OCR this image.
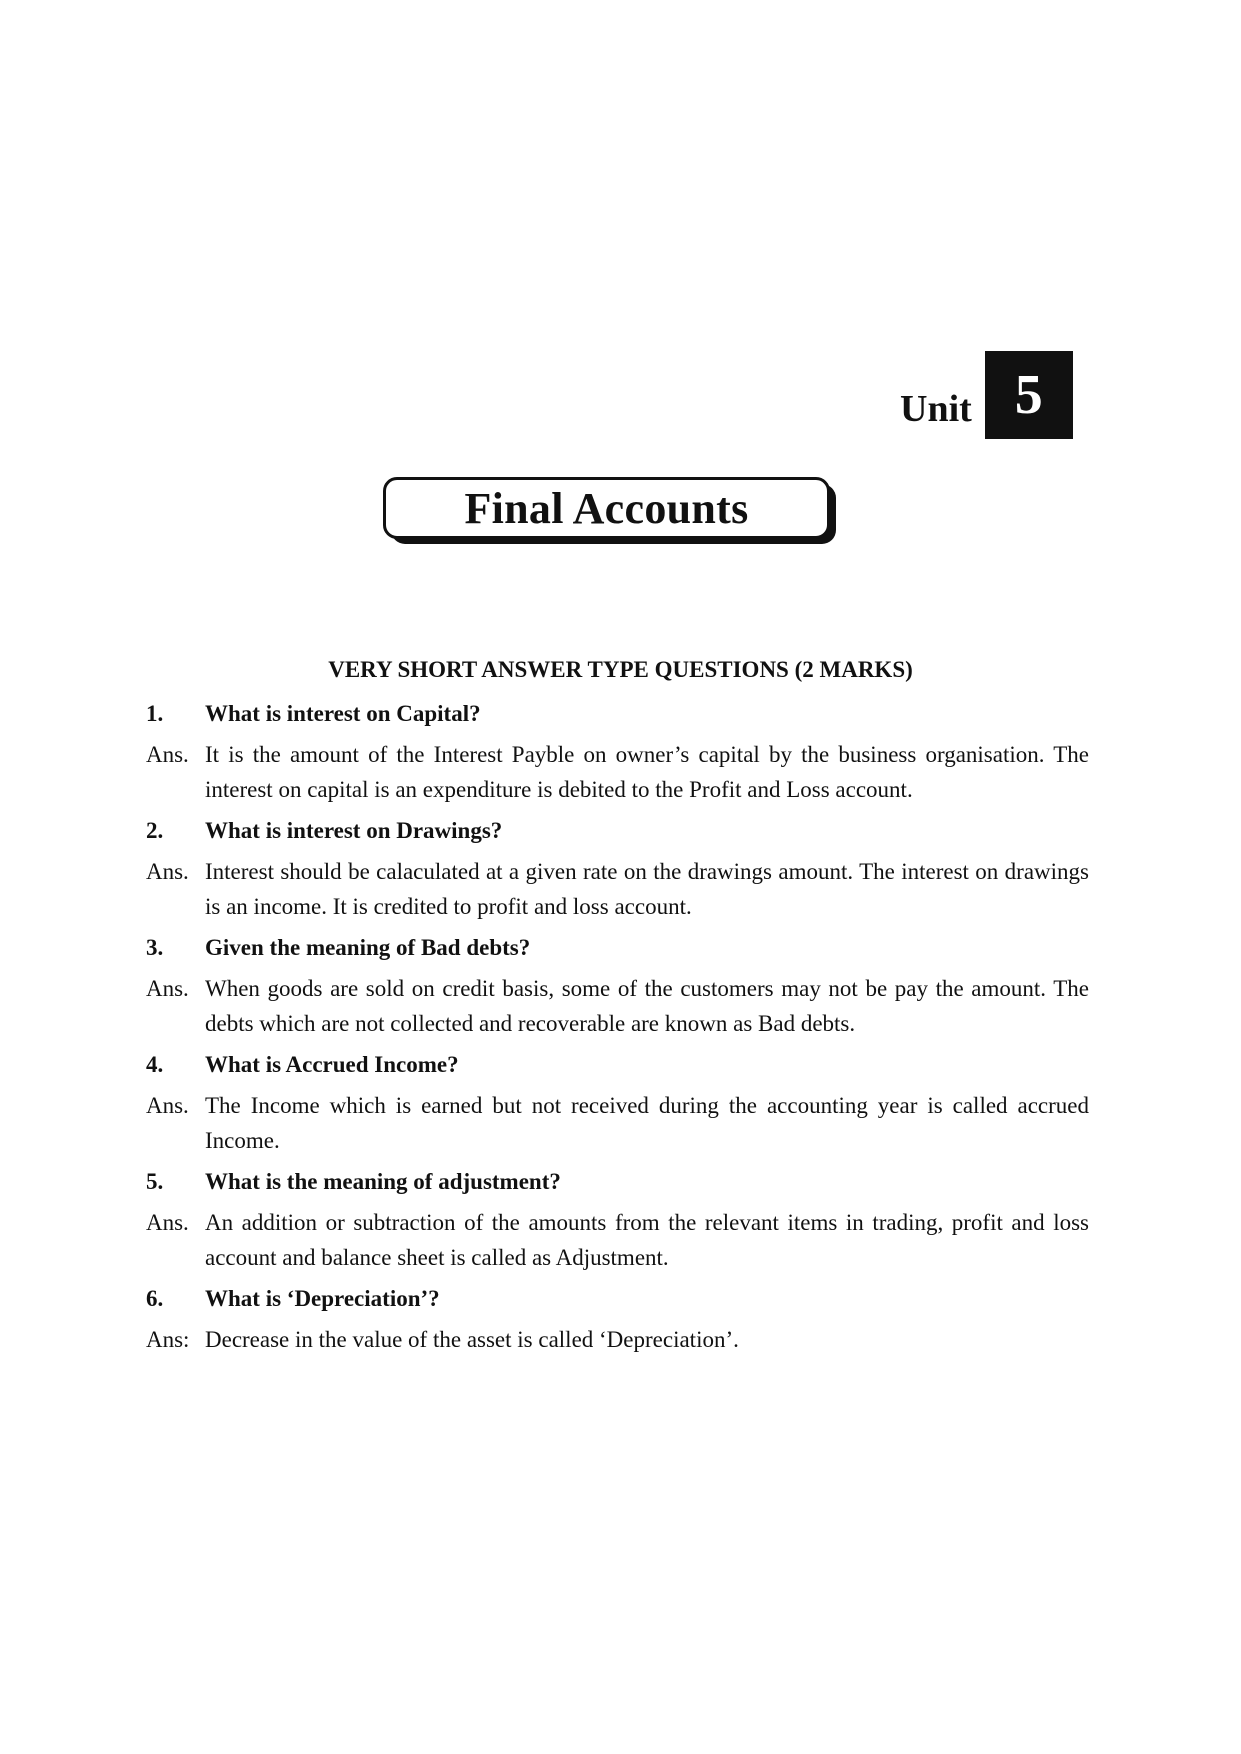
Unit 5
Final Accounts
VERY SHORT ANSWER TYPE QUESTIONS (2 MARKS)
1.	What is interest on Capital?
Ans. It is the amount of the Interest Payble on owner’s capital by the business organisation. The interest on capital is an expenditure is debited to the Profit and Loss account.
2.	What is interest on Drawings?
Ans. Interest should be calaculated at a given rate on the drawings amount. The interest on drawings is an income. It is credited to profit and loss account.
3.	Given the meaning of Bad debts?
Ans. When goods are sold on credit basis, some of the customers may not be pay the amount. The debts which are not collected and recoverable are known as Bad debts.
4.	What is Accrued Income?
Ans. The Income which is earned but not received during the accounting year is called accrued Income.
5.	What is the meaning of adjustment?
Ans. An addition or subtraction of the amounts from the relevant items in trading, profit and loss account and balance sheet is called as Adjustment.
6.	What is ‘Depreciation’?
Ans: Decrease in the value of the asset is called ‘Depreciation’.
